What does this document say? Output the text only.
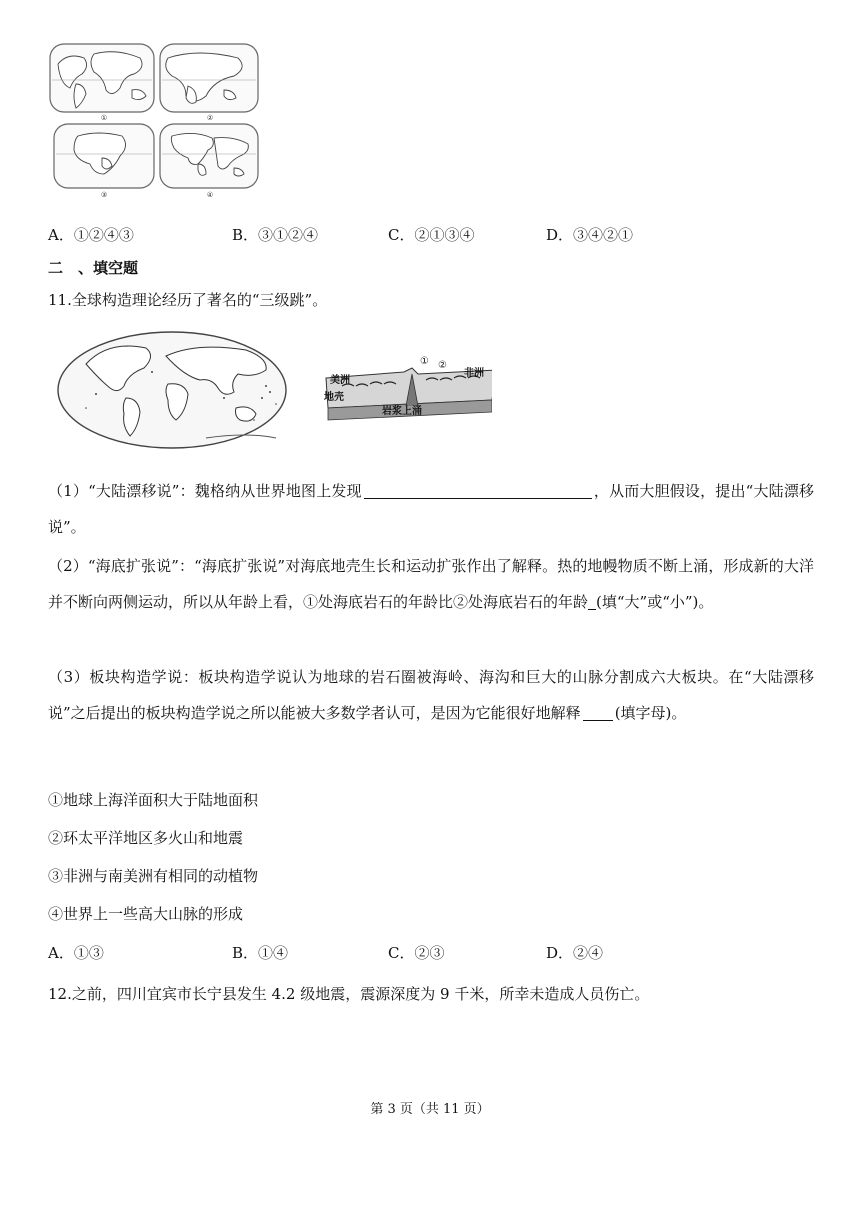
①	②
③	④
A．①②④③	B．③①②④	C．②①③④	D．③④②①
二　、填空题
11.全球构造理论经历了著名的“三级跳”。
① ②
美洲
非洲
地壳
岩浆上涌
（1）“大陆漂移说”：魏格纳从世界地图上发现	，从而大胆假设，提出“大陆漂移说”。
（2）“海底扩张说”：“海底扩张说”对海底地壳生长和运动扩张作出了解释。热的地幔物质不断上涌，形成新的大洋并不断向两侧运动，所以从年龄上看，①处海底岩石的年龄比②处海底岩石的年龄 (填“大”或“小”)。
（3）板块构造学说：板块构造学说认为地球的岩石圈被海岭、海沟和巨大的山脉分割成六大板块。在“大陆漂移说”之后提出的板块构造学说之所以能被大多数学者认可，是因为它能很好地解释 (填字母)。
①地球上海洋面积大于陆地面积
②环太平洋地区多火山和地震
③非洲与南美洲有相同的动植物
④世界上一些高大山脉的形成
A．①③	B．①④	C．②③	D．②④
12.之前，四川宜宾市长宁县发生 4.2 级地震，震源深度为 9 千米，所幸未造成人员伤亡。
第 3 页（共 11 页）
